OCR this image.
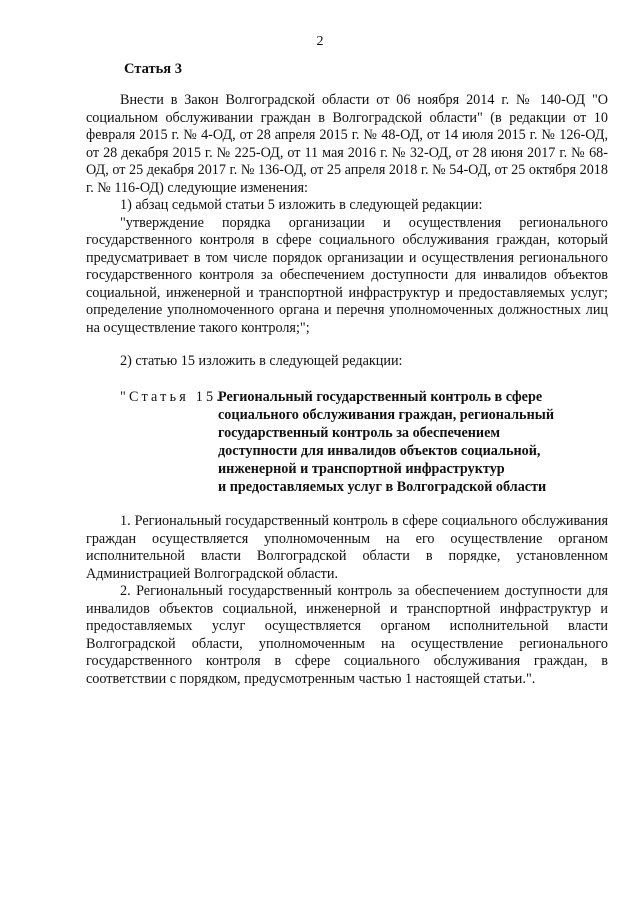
2
Статья 3

Внести в Закон Волгоградской области от 06 ноября 2014 г. № 140-ОД "О социальном обслуживании граждан в Волгоградской области" (в редакции от 10 февраля 2015 г. № 4-ОД, от 28 апреля 2015 г. № 48-ОД, от 14 июля 2015 г. № 126-ОД, от 28 декабря 2015 г. № 225-ОД, от 11 мая 2016 г. № 32-ОД, от 28 июня 2017 г. № 68-ОД, от 25 декабря 2017 г. № 136-ОД, от 25 апреля 2018 г. № 54-ОД, от 25 октября 2018 г. № 116-ОД) следующие изменения:

1) абзац седьмой статьи 5 изложить в следующей редакции:

"утверждение порядка организации и осуществления регионального государственного контроля в сфере социального обслуживания граждан, который предусматривает в том числе порядок организации и осуществления регионального государственного контроля за обеспечением доступности для инвалидов объектов социальной, инженерной и транспортной инфраструктур и предоставляемых услуг; определение уполномоченного органа и перечня уполномоченных должностных лиц на осуществление такого контроля;";

2) статью 15 изложить в следующей редакции:

"Статья 15.
Региональный государственный контроль в сфере
социального обслуживания граждан, региональный
государственный контроль за обеспечением
доступности для инвалидов объектов социальной,
инженерной и транспортной инфраструктур
и предоставляемых услуг в Волгоградской области

1. Региональный государственный контроль в сфере социального обслуживания граждан осуществляется уполномоченным на его осуществление органом исполнительной власти Волгоградской области в порядке, установленном Администрацией Волгоградской области.

2. Региональный государственный контроль за обеспечением доступности для инвалидов объектов социальной, инженерной и транспортной инфраструктур и предоставляемых услуг осуществляется органом исполнительной власти Волгоградской области, уполномоченным на осуществление регионального государственного контроля в сфере социального обслуживания граждан, в соответствии с порядком, предусмотренным частью 1 настоящей статьи.".
